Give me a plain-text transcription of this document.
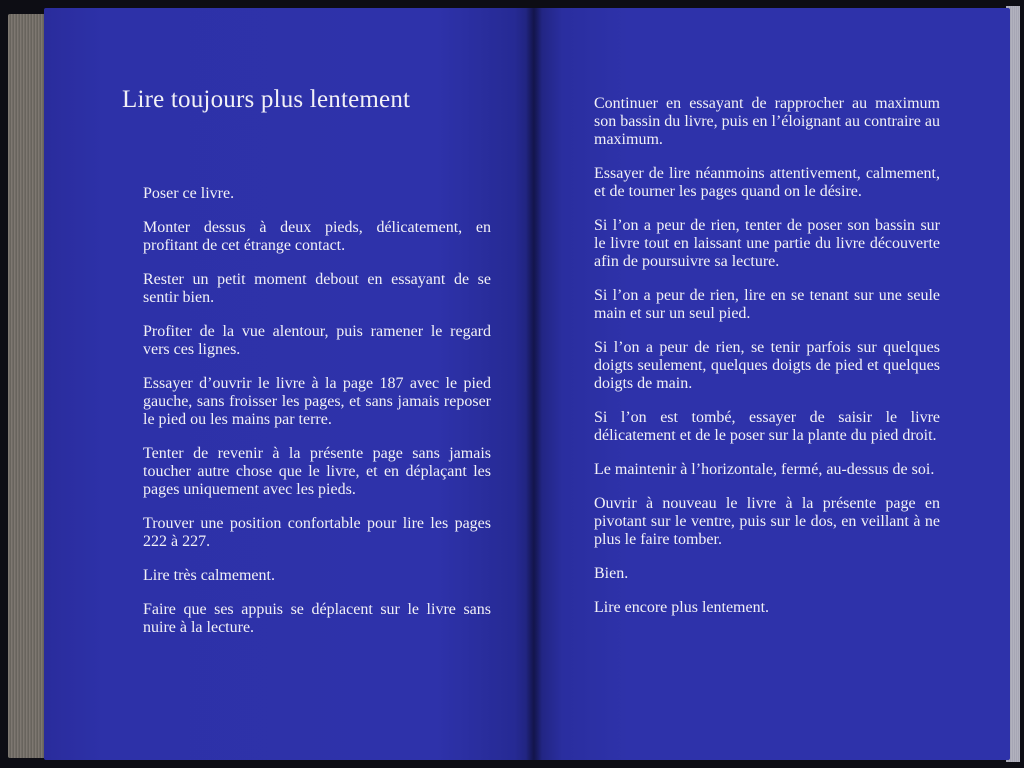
Lire toujours plus lentement

Poser ce livre.

Monter dessus à deux pieds, délicatement, en profitant de cet étrange contact.

Rester un petit moment debout en essayant de se sentir bien.

Profiter de la vue alentour, puis ramener le regard vers ces lignes.

Essayer d’ouvrir le livre à la page 187 avec le pied gauche, sans froisser les pages, et sans jamais reposer le pied ou les mains par terre.

Tenter de revenir à la présente page sans jamais toucher autre chose que le livre, et en déplaçant les pages uniquement avec les pieds.

Trouver une position confortable pour lire les pages 222 à 227.

Lire très calmement.

Faire que ses appuis se déplacent sur le livre sans nuire à la lecture.

Continuer en essayant de rapprocher au maximum son bassin du livre, puis en l’éloignant au contraire au maximum.

Essayer de lire néanmoins attentivement, calmement, et de tourner les pages quand on le désire.

Si l’on a peur de rien, tenter de poser son bassin sur le livre tout en laissant une partie du livre découverte afin de poursuivre sa lecture.

Si l’on a peur de rien, lire en se tenant sur une seule main et sur un seul pied.

Si l’on a peur de rien, se tenir parfois sur quelques doigts seulement, quelques doigts de pied et quelques doigts de main.

Si l’on est tombé, essayer de saisir le livre délicatement et de le poser sur la plante du pied droit.

Le maintenir à l’horizontale, fermé, au-dessus de soi.

Ouvrir à nouveau le livre à la présente page en pivotant sur le ventre, puis sur le dos, en veillant à ne plus le faire tomber.

Bien.

Lire encore plus lentement.
